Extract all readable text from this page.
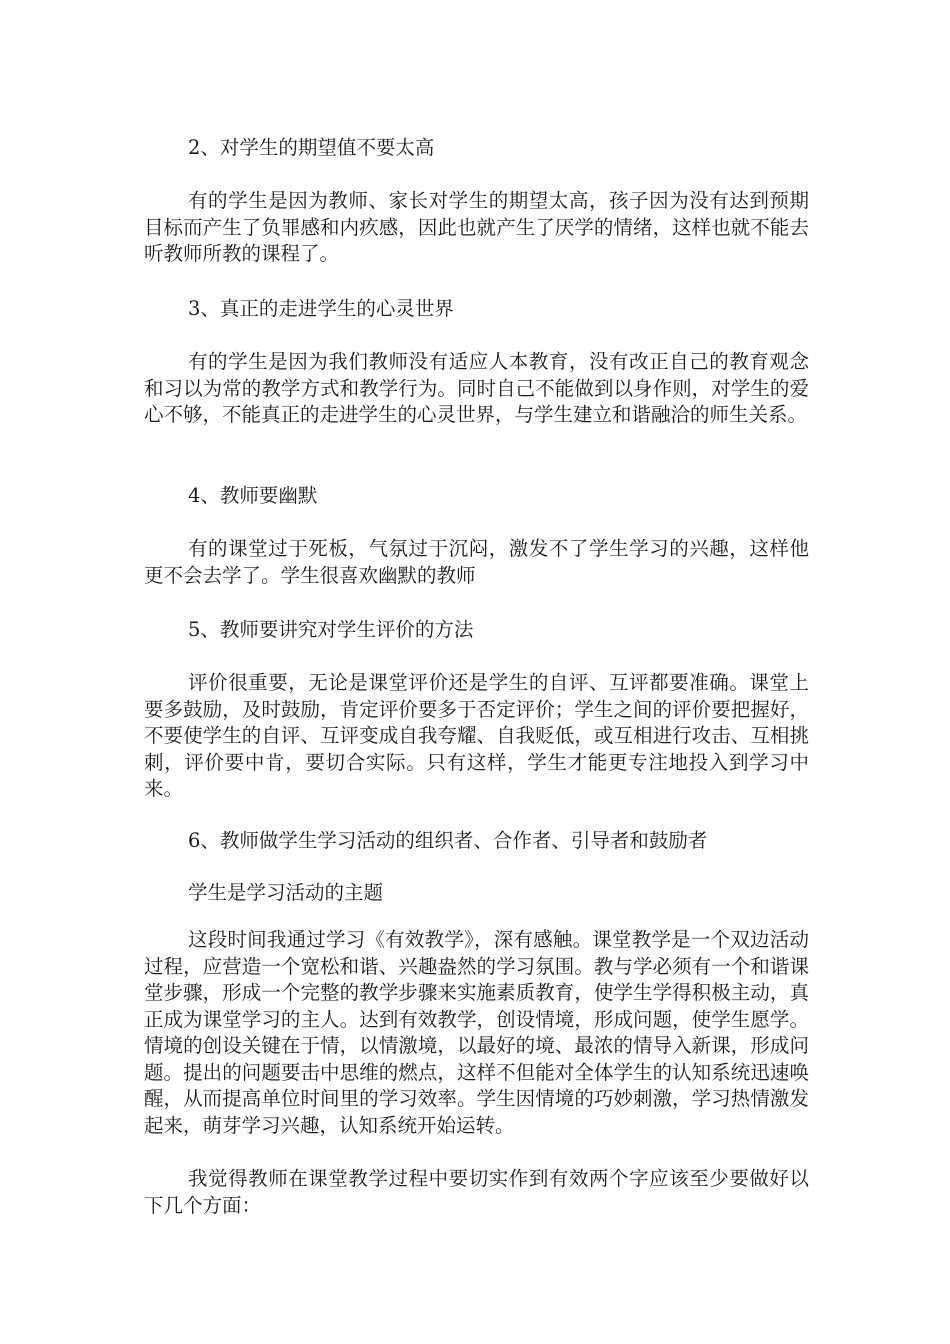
2、对学生的期望值不要太高

有的学生是因为教师、家长对学生的期望太高，孩子因为没有达到预期目标而产生了负罪感和内疚感，因此也就产生了厌学的情绪，这样也就不能去听教师所教的课程了。

3、真正的走进学生的心灵世界

有的学生是因为我们教师没有适应人本教育，没有改正自己的教育观念和习以为常的教学方式和教学行为。同时自己不能做到以身作则，对学生的爱心不够，不能真正的走进学生的心灵世界，与学生建立和谐融洽的师生关系。

4、教师要幽默

有的课堂过于死板，气氛过于沉闷，激发不了学生学习的兴趣，这样他更不会去学了。学生很喜欢幽默的教师

5、教师要讲究对学生评价的方法

评价很重要，无论是课堂评价还是学生的自评、互评都要准确。课堂上要多鼓励，及时鼓励，肯定评价要多于否定评价；学生之间的评价要把握好，不要使学生的自评、互评变成自我夸耀、自我贬低，或互相进行攻击、互相挑刺，评价要中肯，要切合实际。只有这样，学生才能更专注地投入到学习中来。

6、教师做学生学习活动的组织者、合作者、引导者和鼓励者

学生是学习活动的主题

这段时间我通过学习《有效教学》，深有感触。课堂教学是一个双边活动过程，应营造一个宽松和谐、兴趣盎然的学习氛围。教与学必须有一个和谐课堂步骤，形成一个完整的教学步骤来实施素质教育，使学生学得积极主动，真正成为课堂学习的主人。达到有效教学，创设情境，形成问题，使学生愿学。情境的创设关键在于情，以情激境，以最好的境、最浓的情导入新课，形成问题。提出的问题要击中思维的燃点，这样不但能对全体学生的认知系统迅速唤醒，从而提高单位时间里的学习效率。学生因情境的巧妙刺激，学习热情激发起来，萌芽学习兴趣，认知系统开始运转。

我觉得教师在课堂教学过程中要切实作到有效两个字应该至少要做好以下几个方面：
